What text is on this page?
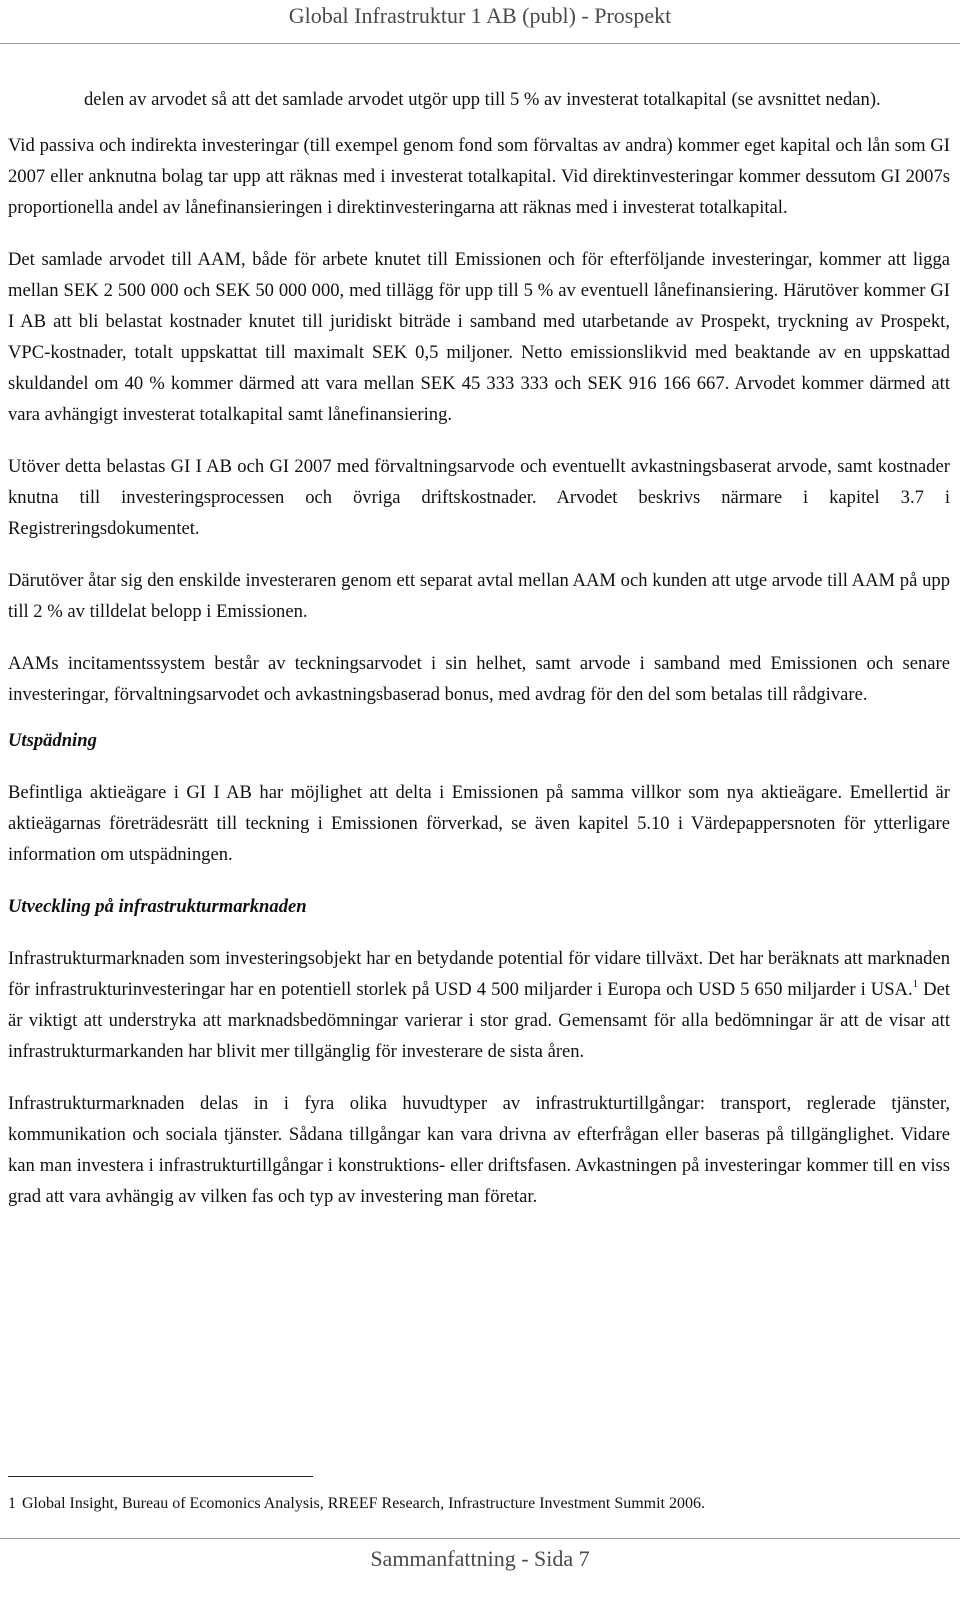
Global Infrastruktur 1 AB (publ) - Prospekt

delen av arvodet så att det samlade arvodet utgör upp till 5 % av investerat totalkapital (se avsnittet nedan).

Vid passiva och indirekta investeringar (till exempel genom fond som förvaltas av andra) kommer eget kapital och lån som GI 2007 eller anknutna bolag tar upp att räknas med i investerat totalkapital. Vid direktinvesteringar kommer dessutom GI 2007s proportionella andel av lånefinansieringen i direktinvesteringarna att räknas med i investerat totalkapital.

Det samlade arvodet till AAM, både för arbete knutet till Emissionen och för efterföljande investeringar, kommer att ligga mellan SEK 2 500 000 och SEK 50 000 000, med tillägg för upp till 5 % av eventuell lånefinansiering. Härutöver kommer GI I AB att bli belastat kostnader knutet till juridiskt biträde i samband med utarbetande av Prospekt, tryckning av Prospekt, VPC-kostnader, totalt uppskattat till maximalt SEK 0,5 miljoner. Netto emissionslikvid med beaktande av en uppskattad skuldandel om 40 % kommer därmed att vara mellan SEK 45 333 333 och SEK 916 166 667. Arvodet kommer därmed att vara avhängigt investerat totalkapital samt lånefinansiering.

Utöver detta belastas GI I AB och GI 2007 med förvaltningsarvode och eventuellt avkastningsbaserat arvode, samt kostnader knutna till investeringsprocessen och övriga driftskostnader. Arvodet beskrivs närmare i kapitel 3.7 i Registreringsdokumentet.

Därutöver åtar sig den enskilde investeraren genom ett separat avtal mellan AAM och kunden att utge arvode till AAM på upp till 2 % av tilldelat belopp i Emissionen.

AAMs incitamentssystem består av teckningsarvodet i sin helhet, samt arvode i samband med Emissionen och senare investeringar, förvaltningsarvodet och avkastningsbaserad bonus, med avdrag för den del som betalas till rådgivare.

Utspädning

Befintliga aktieägare i GI I AB har möjlighet att delta i Emissionen på samma villkor som nya aktieägare. Emellertid är aktieägarnas företrädesrätt till teckning i Emissionen förverkad, se även kapitel 5.10 i Värdepappersnoten för ytterligare information om utspädningen.

Utveckling på infrastrukturmarknaden

Infrastrukturmarknaden som investeringsobjekt har en betydande potential för vidare tillväxt. Det har beräknats att marknaden för infrastrukturinvesteringar har en potentiell storlek på USD 4 500 miljarder i Europa och USD 5 650 miljarder i USA.$^1$ Det är viktigt att understryka att marknadsbedömningar varierar i stor grad. Gemensamt för alla bedömningar är att de visar att infrastrukturmarkanden har blivit mer tillgänglig för investerare de sista åren.

Infrastrukturmarknaden delas in i fyra olika huvudtyper av infrastrukturtillgångar: transport, reglerade tjänster, kommunikation och sociala tjänster. Sådana tillgångar kan vara drivna av efterfrågan eller baseras på tillgänglighet. Vidare kan man investera i infrastrukturtillgångar i konstruktions- eller driftsfasen. Avkastningen på investeringar kommer till en viss grad att vara avhängig av vilken fas och typ av investering man företar.

1 Global Insight, Bureau of Ecomonics Analysis, RREEF Research, Infrastructure Investment Summit 2006.
Sammanfattning - Sida 7
